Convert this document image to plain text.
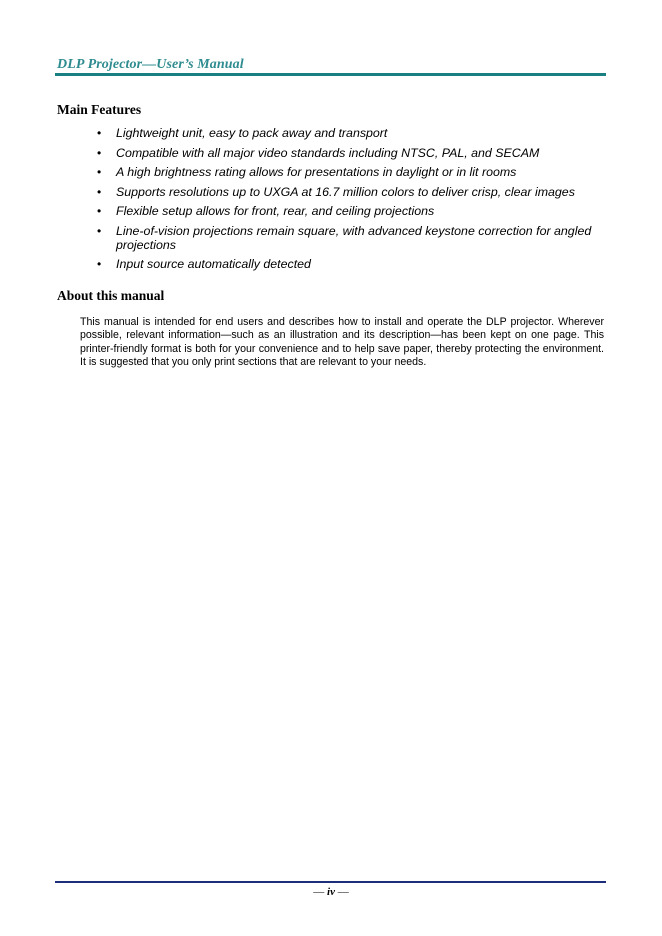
DLP Projector—User’s Manual
Main Features
• Lightweight unit, easy to pack away and transport
• Compatible with all major video standards including NTSC, PAL, and SECAM
• A high brightness rating allows for presentations in daylight or in lit rooms
• Supports resolutions up to UXGA at 16.7 million colors to deliver crisp, clear images
• Flexible setup allows for front, rear, and ceiling projections
• Line-of-vision projections remain square, with advanced keystone correction for angled projections
• Input source automatically detected
About this manual

This manual is intended for end users and describes how to install and operate the DLP projector. Wherever possible, relevant information—such as an illustration and its description—has been kept on one page. This printer-friendly format is both for your convenience and to help save paper, thereby protecting the environment. It is suggested that you only print sections that are relevant to your needs.

— iv —
